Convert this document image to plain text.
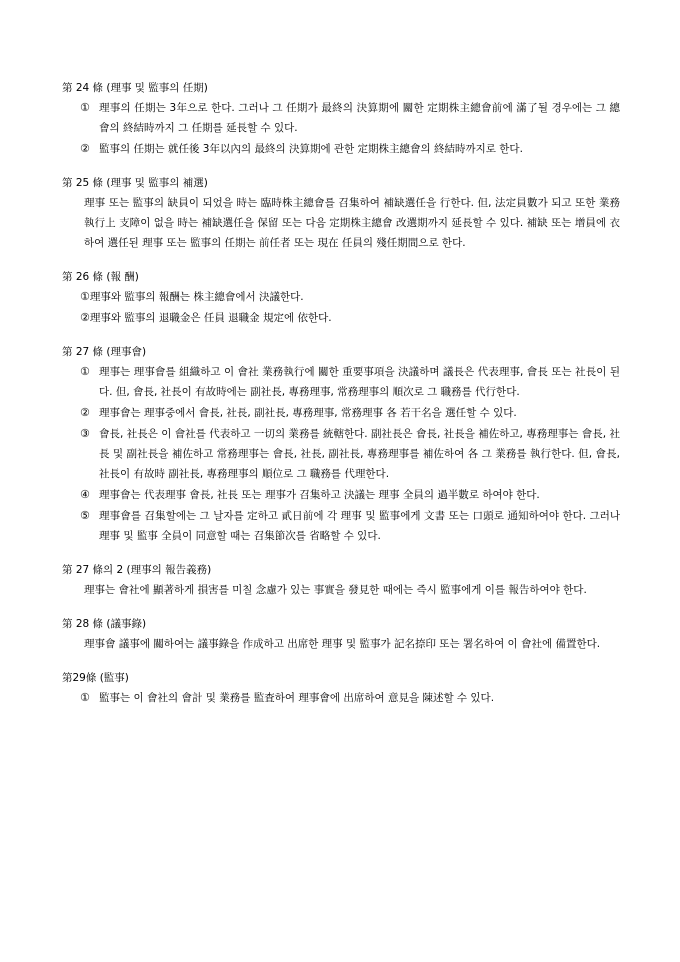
第 24 條 (理事 및 監事의 任期)
① 理事의 任期는 3年으로 한다. 그러나 그 任期가 最終의 決算期에 關한 定期株主總會前에 滿了될 경우에는 그 總會의 終結時까지 그 任期를 延長할 수 있다.
② 監事의 任期는 就任後 3年以內의 最終의 決算期에 관한 定期株主總會의 終結時까지로 한다.
第 25 條 (理事 및 監事의 補選)
理事 또는 監事의 缺員이 되었을 時는 臨時株主總會를 召集하여 補缺選任을 行한다. 但, 法定員數가 되고 또한 業務執行上 支障이 없을 時는 補缺選任을 保留 또는 다음 定期株主總會 改選期까지 延長할 수 있다. 補缺 또는 增員에 衣하여 選任된 理事 또는 監事의 任期는 前任者 또는 現在 任員의 殘任期間으로 한다.
第 26 條 (報 酬)
① 理事와 監事의 報酬는 株主總會에서 決議한다.
② 理事와 監事의 退職金은 任員 退職金 規定에 依한다.
第 27 條 (理事會)
① 理事는 理事會를 組織하고 이 會社 業務執行에 關한 重要事項을 決議하며 議長은 代表理事, 會長 또는 社長이 된다. 但, 會長, 社長이 有故時에는 副社長, 專務理事, 常務理事의 順次로 그 職務를 代行한다.
② 理事會는 理事중에서 會長, 社長, 副社長, 專務理事, 常務理事 各 若干名을 選任할 수 있다.
③ 會長, 社長은 이 會社를 代表하고 一切의 業務를 統轄한다. 副社長은 會長, 社長을 補佐하고, 專務理事는 會長, 社長 및 副社長을 補佐하고 常務理事는 會長, 社長, 副社長, 專務理事를 補佐하여 各 그 業務를 執行한다. 但, 會長, 社長이 有故時 副社長, 專務理事의 順位로 그 職務를 代理한다.
④ 理事會는 代表理事 會長, 社長 또는 理事가 召集하고 決議는 理事 全員의 過半數로 하여야 한다.
⑤ 理事會를 召集할에는 그 날자를 定하고 貳日前에 각 理事 및 監事에게 文書 또는 口頭로 通知하여야 한다. 그러나 理事 및 監事 全員이 同意할 때는 召集節次를 省略할 수 있다.
第 27 條의 2 (理事의 報告義務)
理事는 會社에 顯著하게 損害를 미칠 念慮가 있는 事實을 發見한 때에는 즉시 監事에게 이를 報告하여야 한다.
第 28 條 (議事錄)
理事會 議事에 關하여는 議事錄을 作成하고 出席한 理事 및 監事가 記名捺印 또는 署名하여 이 會社에 備置한다.
第29條 (監事)
① 監事는 이 會社의 會計 및 業務를 監査하여 理事會에 出席하여 意見을 陳述할 수 있다.
